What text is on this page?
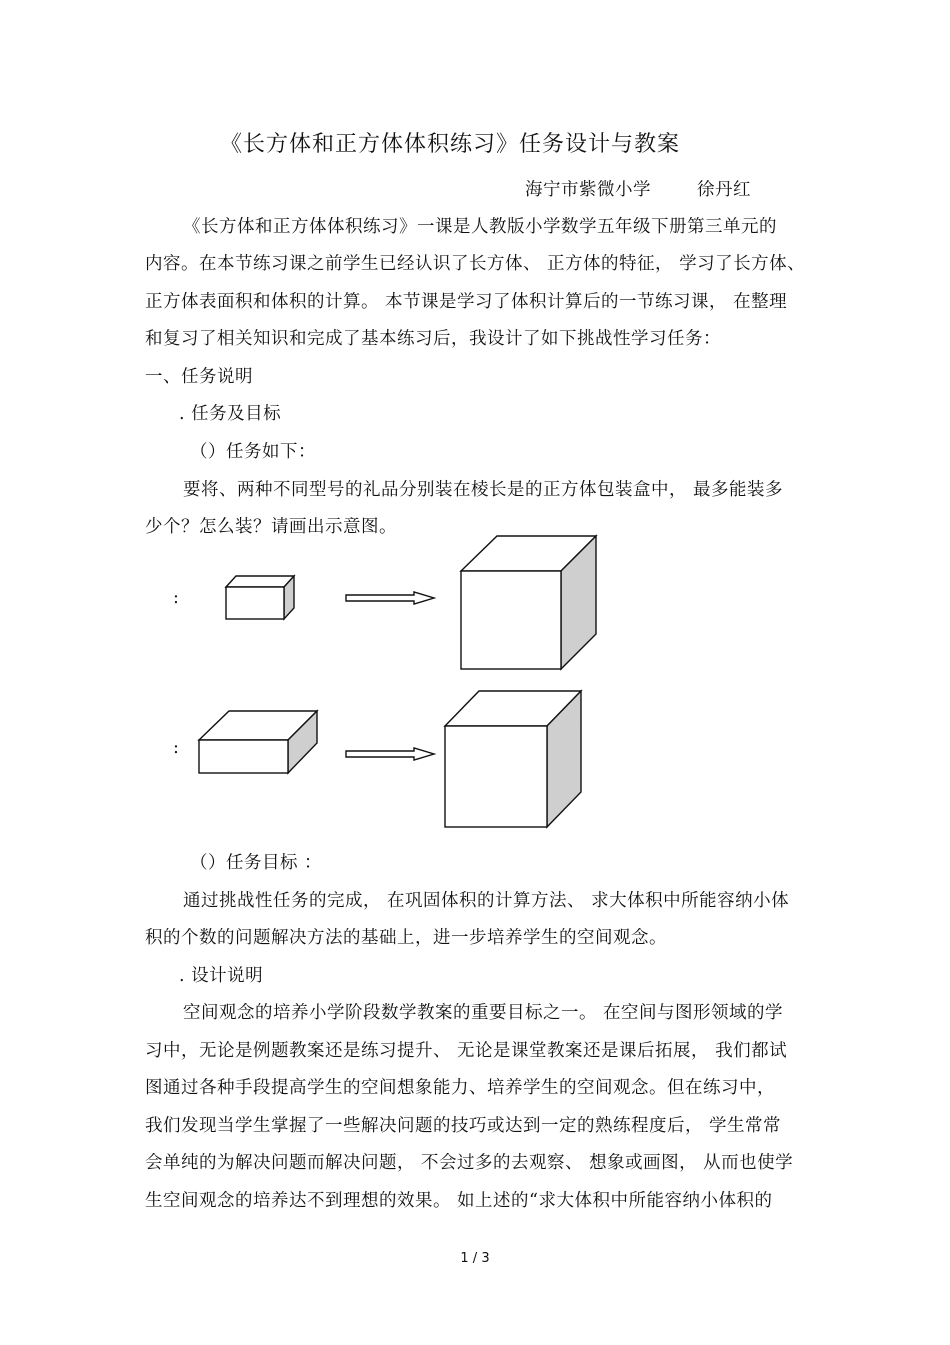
《长方体和正方体体积练习》任务设计与教案
海宁市紫微小学	徐丹红
《长方体和正方体体积练习》一课是人教版小学数学五年级下册第三单元的
内容。在本节练习课之前学生已经认识了长方体、 正方体的特征， 学习了长方体、
正方体表面积和体积的计算。 本节课是学习了体积计算后的一节练习课， 在整理
和复习了相关知识和完成了基本练习后，我设计了如下挑战性学习任务：
一、任务说明
. 任务及目标
（）任务如下：
要将、两种不同型号的礼品分别装在棱长是的正方体包装盒中， 最多能装多
少个？怎么装？请画出示意图。
:
:
（）任务目标 ：
通过挑战性任务的完成， 在巩固体积的计算方法、 求大体积中所能容纳小体
积的个数的问题解决方法的基础上，进一步培养学生的空间观念。
. 设计说明
空间观念的培养小学阶段数学教案的重要目标之一。 在空间与图形领域的学
习中，无论是例题教案还是练习提升、 无论是课堂教案还是课后拓展， 我们都试
图通过各种手段提高学生的空间想象能力、培养学生的空间观念。但在练习中，
我们发现当学生掌握了一些解决问题的技巧或达到一定的熟练程度后， 学生常常
会单纯的为解决问题而解决问题， 不会过多的去观察、 想象或画图， 从而也使学
生空间观念的培养达不到理想的效果。 如上述的“求大体积中所能容纳小体积的
1 / 3
